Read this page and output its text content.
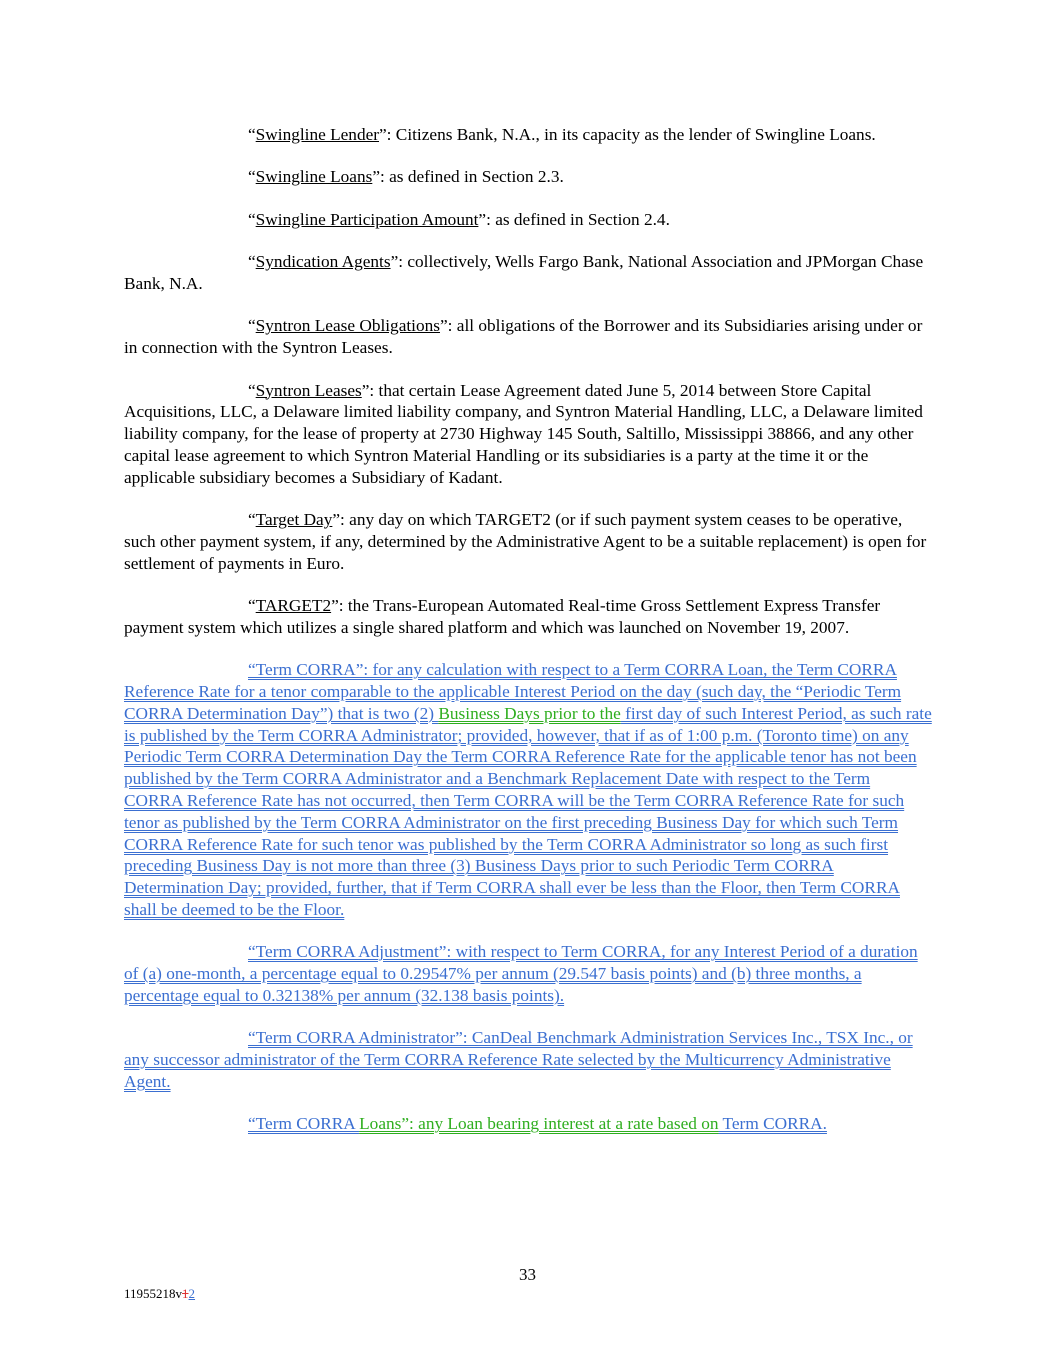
“Swingline Lender”: Citizens Bank, N.A., in its capacity as the lender of Swingline Loans.

“Swingline Loans”: as defined in Section 2.3.

“Swingline Participation Amount”: as defined in Section 2.4.

“Syndication Agents”: collectively, Wells Fargo Bank, National Association and JPMorgan Chase Bank, N.A.

“Syntron Lease Obligations”: all obligations of the Borrower and its Subsidiaries arising under or in connection with the Syntron Leases.

“Syntron Leases”: that certain Lease Agreement dated June 5, 2014 between Store Capital Acquisitions, LLC, a Delaware limited liability company, and Syntron Material Handling, LLC, a Delaware limited liability company, for the lease of property at 2730 Highway 145 South, Saltillo, Mississippi 38866, and any other capital lease agreement to which Syntron Material Handling or its subsidiaries is a party at the time it or the applicable subsidiary becomes a Subsidiary of Kadant.

“Target Day”: any day on which TARGET2 (or if such payment system ceases to be operative, such other payment system, if any, determined by the Administrative Agent to be a suitable replacement) is open for settlement of payments in Euro.

“TARGET2”: the Trans-European Automated Real-time Gross Settlement Express Transfer payment system which utilizes a single shared platform and which was launched on November 19, 2007.

“Term CORRA”: for any calculation with respect to a Term CORRA Loan, the Term CORRA Reference Rate for a tenor comparable to the applicable Interest Period on the day (such day, the “Periodic Term CORRA Determination Day”) that is two (2) Business Days prior to the first day of such Interest Period, as such rate is published by the Term CORRA Administrator; provided, however, that if as of 1:00 p.m. (Toronto time) on any Periodic Term CORRA Determination Day the Term CORRA Reference Rate for the applicable tenor has not been published by the Term CORRA Administrator and a Benchmark Replacement Date with respect to the Term CORRA Reference Rate has not occurred, then Term CORRA will be the Term CORRA Reference Rate for such tenor as published by the Term CORRA Administrator on the first preceding Business Day for which such Term CORRA Reference Rate for such tenor was published by the Term CORRA Administrator so long as such first preceding Business Day is not more than three (3) Business Days prior to such Periodic Term CORRA Determination Day; provided, further, that if Term CORRA shall ever be less than the Floor, then Term CORRA shall be deemed to be the Floor.

“Term CORRA Adjustment”: with respect to Term CORRA, for any Interest Period of a duration of (a) one-month, a percentage equal to 0.29547% per annum (29.547 basis points) and (b) three months, a percentage equal to 0.32138% per annum (32.138 basis points).

“Term CORRA Administrator”: CanDeal Benchmark Administration Services Inc., TSX Inc., or any successor administrator of the Term CORRA Reference Rate selected by the Multicurrency Administrative Agent.

“Term CORRA Loans”: any Loan bearing interest at a rate based on Term CORRA.

33
11955218v12
